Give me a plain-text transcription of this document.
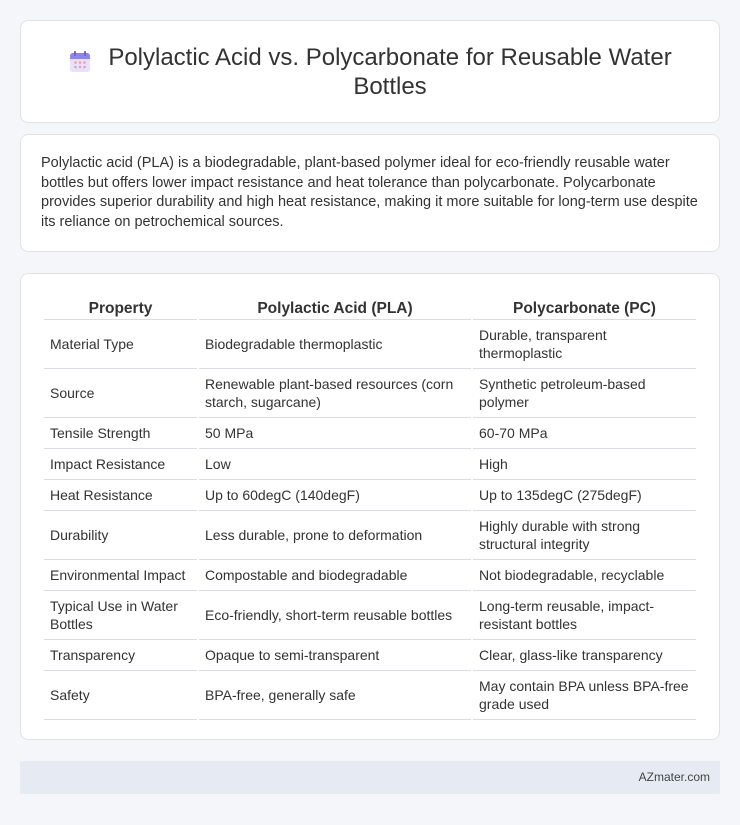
Polylactic Acid vs. Polycarbonate for Reusable Water Bottles

Polylactic acid (PLA) is a biodegradable, plant-based polymer ideal for eco-friendly reusable water bottles but offers lower impact resistance and heat tolerance than polycarbonate. Polycarbonate provides superior durability and high heat resistance, making it more suitable for long-term use despite its reliance on petrochemical sources.

Property	Polylactic Acid (PLA)	Polycarbonate (PC)
Material Type	Biodegradable thermoplastic	Durable, transparent thermoplastic
Source	Renewable plant-based resources (corn starch, sugarcane)	Synthetic petroleum-based polymer
Tensile Strength	50 MPa	60-70 MPa
Impact Resistance	Low	High
Heat Resistance	Up to 60degC (140degF)	Up to 135degC (275degF)
Durability	Less durable, prone to deformation	Highly durable with strong structural integrity
Environmental Impact	Compostable and biodegradable	Not biodegradable, recyclable
Typical Use in Water Bottles	Eco-friendly, short-term reusable bottles	Long-term reusable, impact-resistant bottles
Transparency	Opaque to semi-transparent	Clear, glass-like transparency
Safety	BPA-free, generally safe	May contain BPA unless BPA-free grade used
AZmater.com
